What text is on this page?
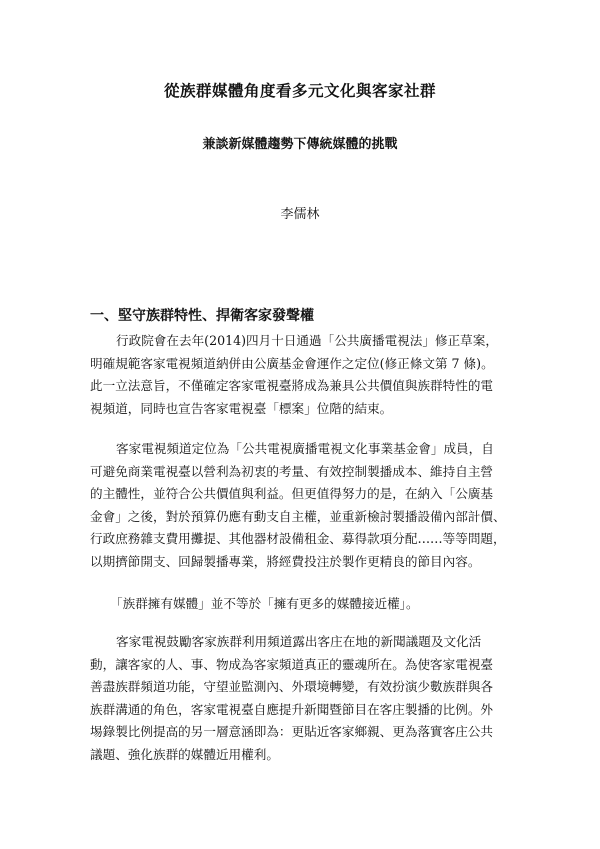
從族群媒體角度看多元文化與客家社群
兼談新媒體趨勢下傳統媒體的挑戰
李儒林
一、堅守族群特性、捍衛客家發聲權
行政院會在去年(2014)四月十日通過「公共廣播電視法」修正草案，
明確規範客家電視頻道納併由公廣基金會運作之定位(修正條文第 7 條)。
此一立法意旨，不僅確定客家電視臺將成為兼具公共價值與族群特性的電
視頻道，同時也宣告客家電視臺「標案」位階的結束。
客家電視頻道定位為「公共電視廣播電視文化事業基金會」成員，自
可避免商業電視臺以營利為初衷的考量、有效控制製播成本、維持自主營
的主體性，並符合公共價值與利益。但更值得努力的是，在納入「公廣基
金會」之後，對於預算仍應有動支自主權，並重新檢討製播設備內部計價、
行政庶務雜支費用攤提、其他器材設備租金、募得款項分配……等等問題，
以期擠節開支、回歸製播專業，將經費投注於製作更精良的節目內容。
「族群擁有媒體」並不等於「擁有更多的媒體接近權」。
客家電視鼓勵客家族群利用頻道露出客庄在地的新聞議題及文化活
動，讓客家的人、事、物成為客家頻道真正的靈魂所在。為使客家電視臺
善盡族群頻道功能，守望並監測內、外環境轉變，有效扮演少數族群與各
族群溝通的角色，客家電視臺自應提升新聞暨節目在客庄製播的比例。外
埸錄製比例提高的另一層意涵即為：更貼近客家鄉親、更為落實客庄公共
議題、強化族群的媒體近用權利。
